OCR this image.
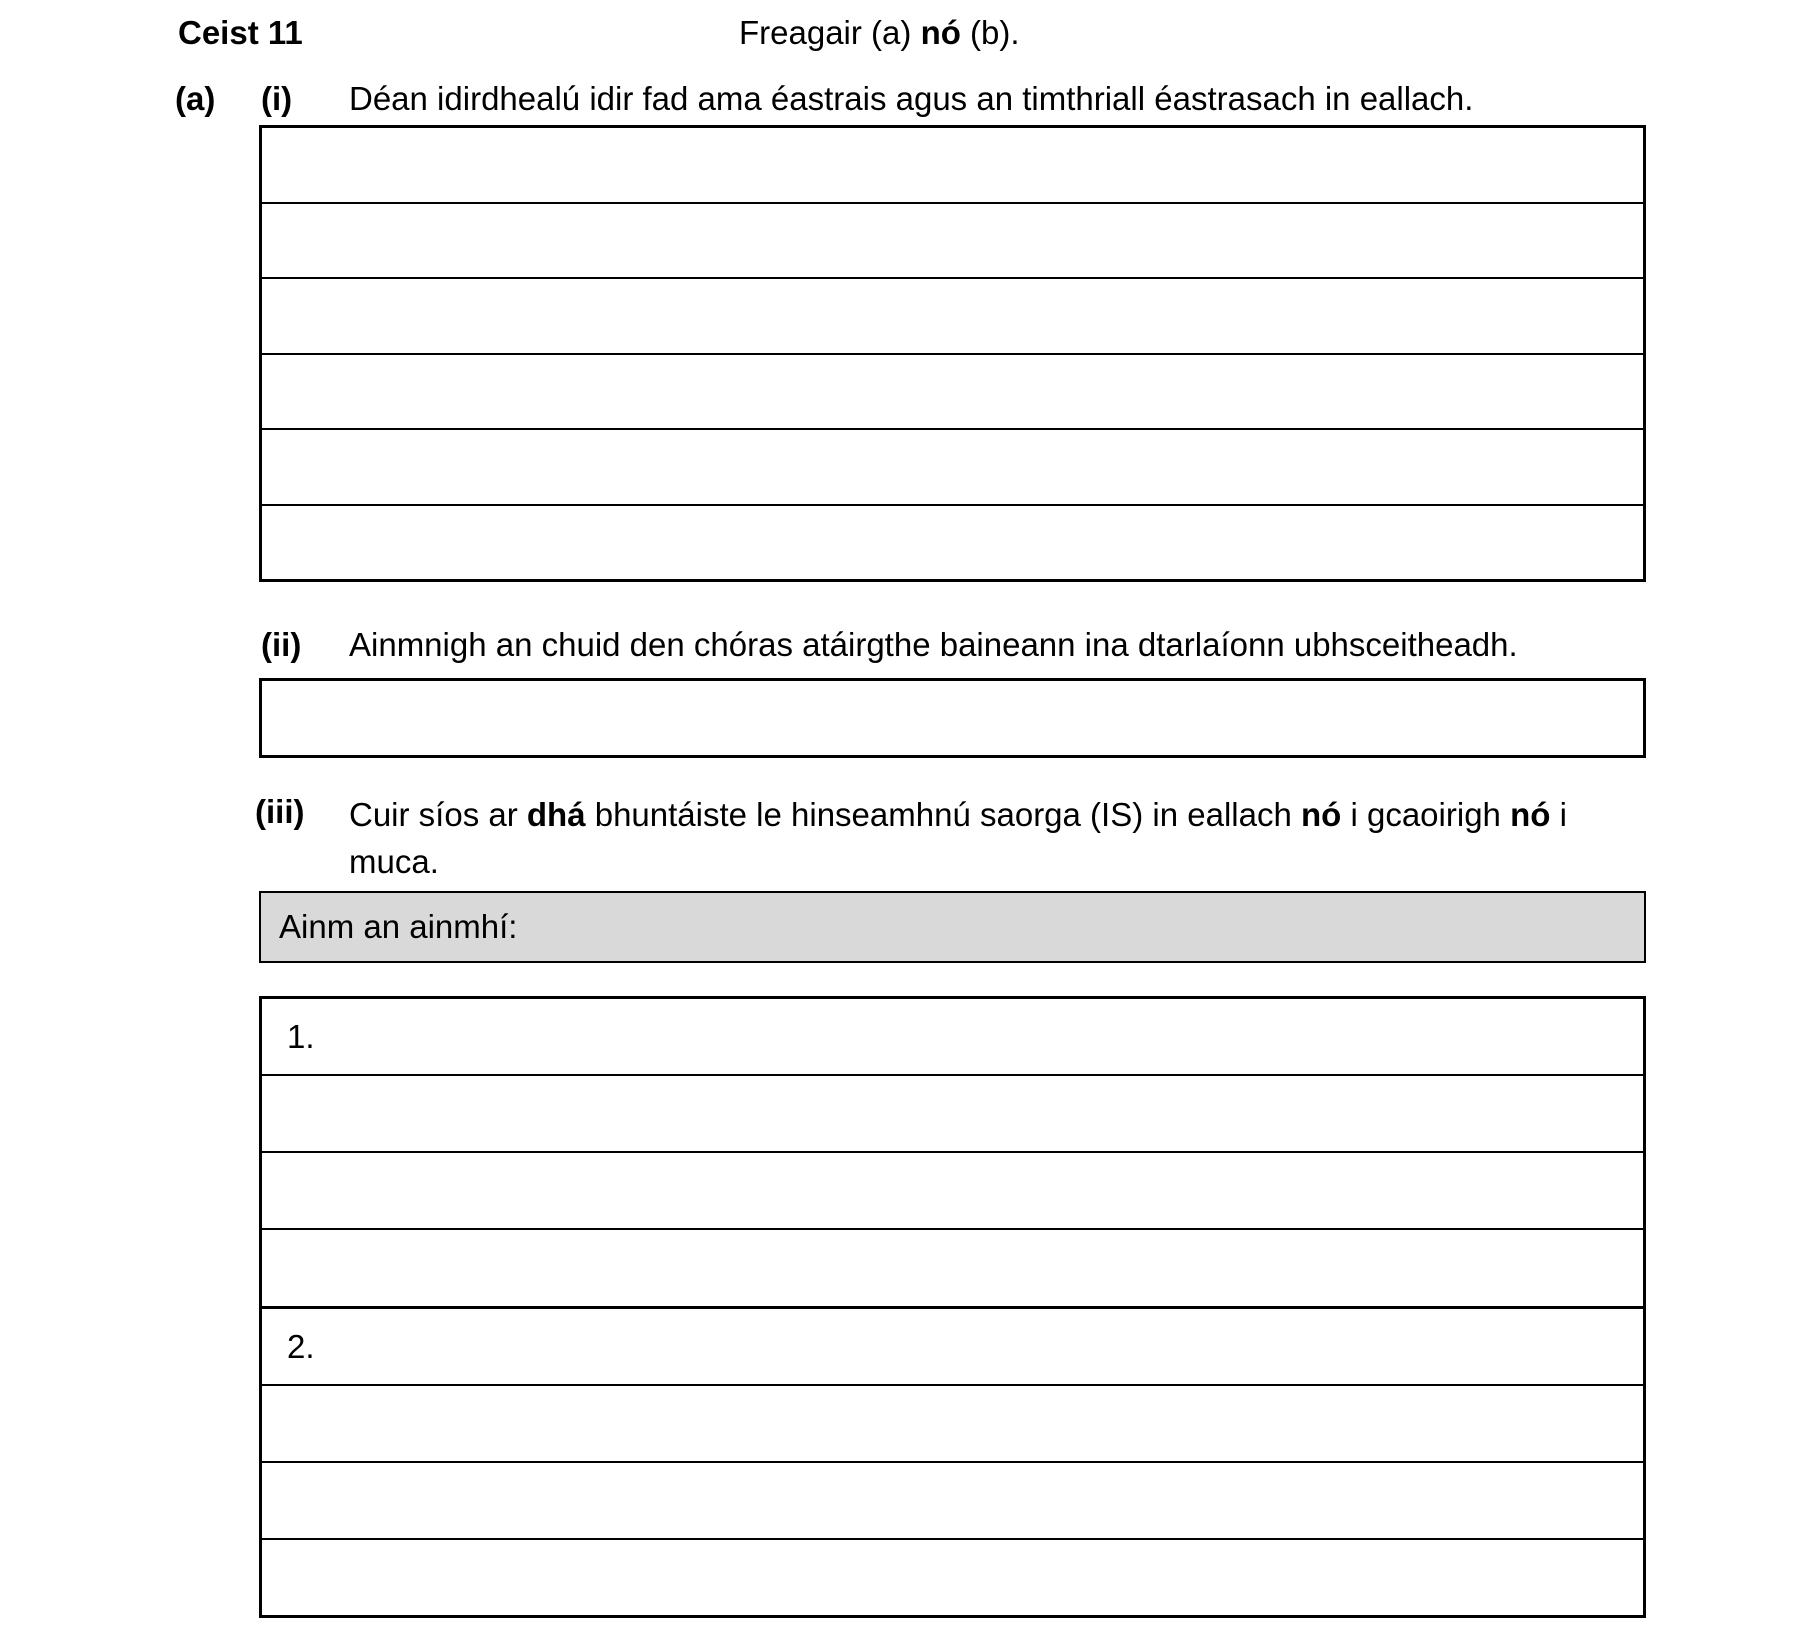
Ceist 11	Freagair (a) nó (b).
(a) (i) Déan idirdhealú idir fad ama éastrais agus an timthriall éastrasach in eallach.
(ii) Ainmnigh an chuid den chóras atáirgthe baineann ina dtarlaíonn ubhsceitheadh.
(iii) Cuir síos ar dhá bhuntáiste le hinseamhnú saorga (IS) in eallach nó i gcaoirigh nó i
muca.
Ainm an ainmhí:
1.
2.
